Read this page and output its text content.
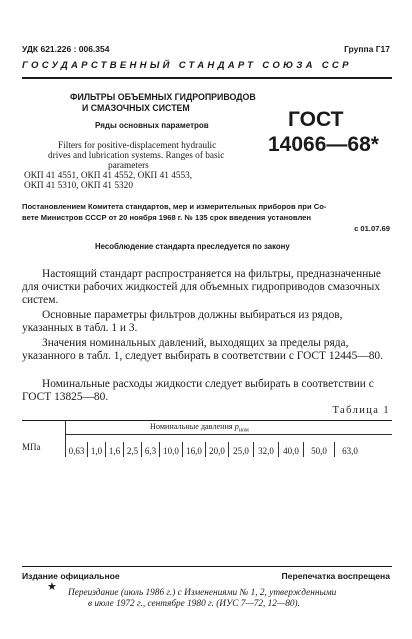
УДК 621.226 : 006.354	Группа Г17
ГОСУДАРСТВЕННЫЙ СТАНДАРТ СОЮЗА ССР
ФИЛЬТРЫ ОБЪЕМНЫХ ГИДРОПРИВОДОВ
И СМАЗОЧНЫХ СИСТЕМ
Ряды основных параметров
Filters for positive-displacement hydraulic
drives and lubrication systems. Ranges of basic
parameters
ОКП 41 4551, ОКП 41 4552, ОКП 41 4553,
ОКП 41 5310, ОКП 41 5320
ГОСТ
14066—68*
Постановлением Комитета стандартов, мер и измерительных приборов при Со-
вете Министров СССР от 20 ноября 1968 г. № 135 срок введения установлен
с 01.07.69
Несоблюдение стандарта преследуется по закону
Настоящий стандарт распространяется на фильтры, предназначенные для очистки рабочих жидкостей для объемных гидроприводов смазочных систем.
Основные параметры фильтров должны выбираться из рядов, указанных в табл. 1 и 3.
Значения номинальных давлений, выходящих за пределы ряда, указанного в табл. 1, следует выбирать в соответствии с ГОСТ 12445—80.
Номинальные расходы жидкости следует выбирать в соответствии с ГОСТ 13825—80.
Таблица 1
Номинальные давления $p_{ном}$
МПа	0,63 1,0 1,6 2,5 6,3 10,0 16,0 20,0 25,0 32,0 40,0 50,0 63,0
Издание официальное	Перепечатка воспрещена
★ Переиздание (июль 1986 г.) с Изменениями № 1, 2, утвержденными
в июле 1972 г., сентябре 1980 г. (ИУС 7—72, 12—80).
